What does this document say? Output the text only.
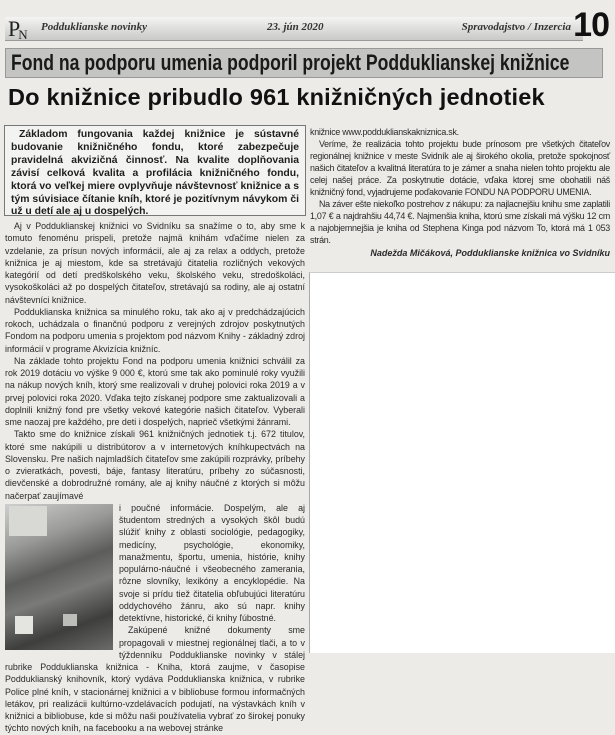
PN Podduklianske novinky	23. jún 2020	Spravodajstvo / Inzercia 10
Fond na podporu umenia podporil projekt Podduklianskej knižnice
Do knižnice pribudlo 961 knižničných jednotiek
Základom fungovania každej knižnice je sústavné budovanie knižničného fondu, ktoré zabezpečuje pravidelná akvizičná činnosť. Na kvalite doplňovania závisí celková kvalita a profilácia knižničného fondu, ktorá vo veľkej miere ovplyvňuje návštevnosť knižnice a s tým súvisiace čítanie kníh, ktoré je pozitívnym návykom či už u detí ale aj u dospelých.

Aj v Podduklianskej knižnici vo Svidníku sa snažíme o to, aby sme k tomuto fenoménu prispeli, pretože najmä knihám vďačíme nielen za vzdelanie, za prísun nových informácií, ale aj za relax a oddych, pretože knižnica je aj miestom, kde sa stretávajú čitatelia rozličných vekových kategórií od detí predškolského veku, školského veku, stredoškoláci, vysokoškoláci až po dospelých čitateľov, stretávajú sa rodiny, ale aj ostatní návštevníci knižnice.

Podduklianska knižnica sa minulého roku, tak ako aj v predchádzajúcich rokoch, uchádzala o finančnú podporu z verejných zdrojov poskytnutých Fondom na podporu umenia s projektom pod názvom Knihy - základný zdroj informácií v programe Akvizícia knižníc.

Na základe tohto projektu Fond na podporu umenia knižnici schválil za rok 2019 dotáciu vo výške 9 000 €, ktorú sme tak ako pominulé roky využili na nákup nových kníh, ktorý sme realizovali v druhej polovici roka 2019 a v prvej polovici roka 2020. Vďaka tejto získanej podpore sme zaktualizovali a doplnili knižný fond pre všetky vekové kategórie našich čitateľov. Vyberali sme naozaj pre každého, pre deti i dospelých, naprieč všetkými žánrami.

Takto sme do knižnice získali 961 knižničných jednotiek t.j. 672 titulov, ktoré sme nakúpili u distribútorov a v internetových kníhkupectvách na Slovensku. Pre našich najmladších čitateľov sme zakúpili rozprávky, príbehy o zvieratkách, povesti, báje, fantasy literatúru, príbehy zo súčasnosti, dievčenské a dobrodružné romány, ale aj knihy náučné z ktorých si môžu načerpať zaujímavé

i poučné informácie. Dospelým, ale aj študentom stredných a vysokých škôl budú slúžiť knihy z oblasti sociológie, pedagogiky, medicíny, psychológie, ekonomiky, manažmentu, športu, umenia, histórie, knihy populárno-náučné i všeobecného zamerania, rôzne slovníky, lexikóny a encyklopédie. Na svoje si prídu tiež čitatelia obľubujúci literatúru oddychového žánru, ako sú napr. knihy detektívne, historické, či knihy ľúbostné.

Zakúpené knižné dokumenty sme propagovali v miestnej regionálnej tlači, a to v týždenníku Podduklianske novinky v stálej rubrike Podduklianska knižnica - Kniha, ktorá zaujme, v časopise Podduklianský knihovník, ktorý vydáva Podduklianska knižnica, v rubrike Police plné kníh, v stacionárnej knižnici a v bibliobuse formou informačných letákov, pri realizácii kultúrno-vzdelávacích podujatí, na výstavkách kníh v knižnici a bibliobuse, kde si môžu naši používatelia vybrať zo širokej ponuky týchto nových kníh, na facebooku a na webovej stránke

knižnice www.podduklianskakniznica.sk.

Veríme, že realizácia tohto projektu bude prínosom pre všetkých čitateľov regionálnej knižnice v meste Svidník ale aj širokého okolia, pretože spokojnosť našich čitateľov a kvalitná literatúra to je zámer a snaha nielen tohto projektu ale celej našej práce. Za poskytnutie dotácie, vďaka ktorej sme obohatili náš knižničný fond, vyjadrujeme poďakovanie FONDU NA PODPORU UMENIA.

Na záver ešte niekoľko postrehov z nákupu: za najlacnejšiu knihu sme zaplatili 1,07 € a najdrahšiu 44,74 €. Najmenšia kniha, ktorú sme získali má výšku 12 cm a najobjemnejšia je kniha od Stephena Kinga pod názvom To, ktorá má 1 053 strán.

Nadežda Mičáková, Podduklianske knižnica vo Svidníku
